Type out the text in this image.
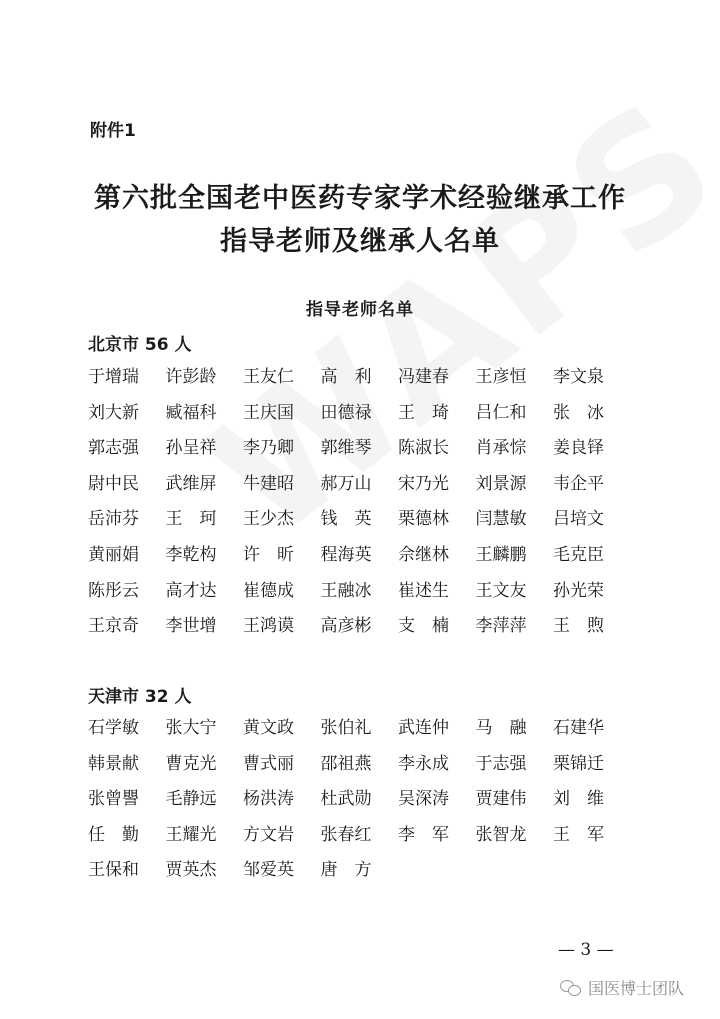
附件1
第六批全国老中医药专家学术经验继承工作
指导老师及继承人名单
指导老师名单
北京市 56 人
于增瑞	许彭龄	王友仁	高　利	冯建春	王彦恒	李文泉
刘大新	臧福科	王庆国	田德禄	王　琦	吕仁和	张　冰
郭志强	孙呈祥	李乃卿	郭维琴	陈淑长	肖承悰	姜良铎
尉中民	武维屏	牛建昭	郝万山	宋乃光	刘景源	韦企平
岳沛芬	王　珂	王少杰	钱　英	栗德林	闫慧敏	吕培文
黄丽娟	李乾构	许　昕	程海英	佘继林	王麟鹏	毛克臣
陈彤云	高才达	崔德成	王融冰	崔述生	王文友	孙光荣
王京奇	李世增	王鸿谟	高彦彬	支　楠	李萍萍	王　煦
天津市 32 人
石学敏	张大宁	黄文政	张伯礼	武连仲	马　融	石建华
韩景献	曹克光	曹式丽	邵祖燕	李永成	于志强	栗锦迁
张曾譻	毛静远	杨洪涛	杜武勋	吴深涛	贾建伟	刘　维
任　勤	王耀光	方文岩	张春红	李　军	张智龙	王　军
王保和	贾英杰	邹爱英	唐　方
— 3 —
国医博士团队
